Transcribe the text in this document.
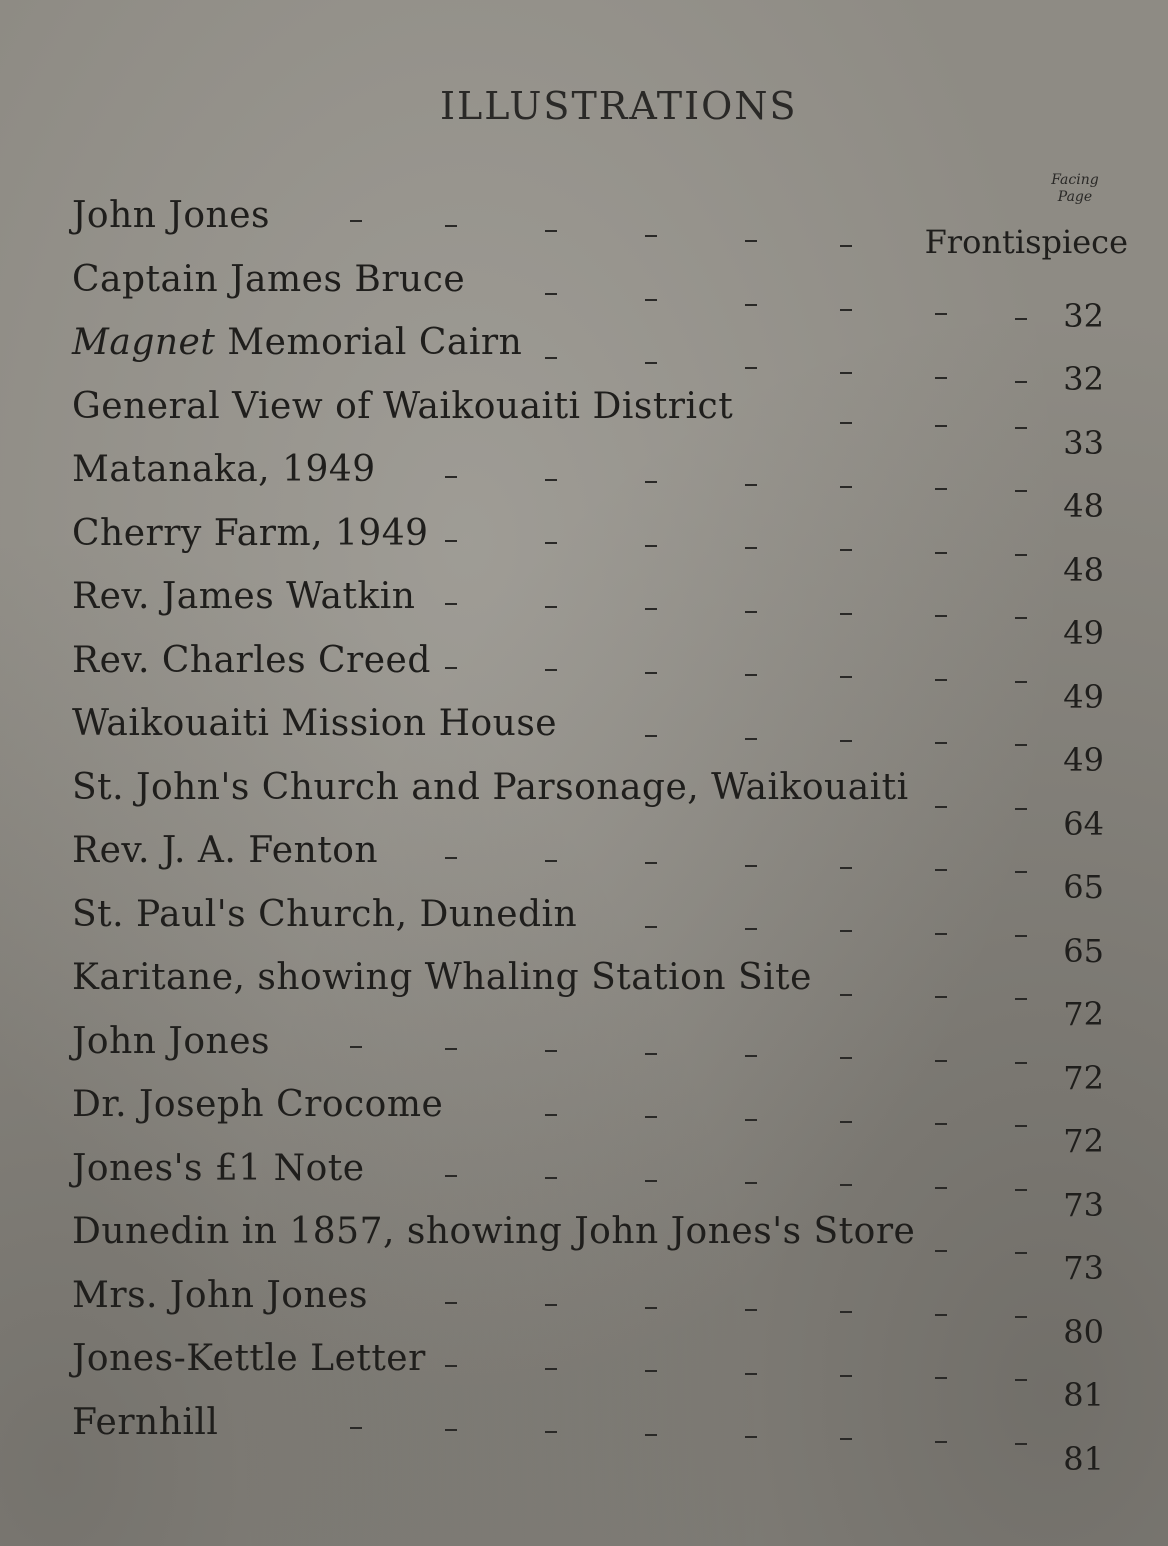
ILLUSTRATIONS
Facing
Page
John Jones
Frontispiece
Captain James Bruce
32
Magnet Memorial Cairn
32
General View of Waikouaiti District
33
Matanaka, 1949
48
Cherry Farm, 1949
48
Rev. James Watkin
49
Rev. Charles Creed
49
Waikouaiti Mission House
49
St. John's Church and Parsonage, Waikouaiti
64
Rev. J. A. Fenton
65
St. Paul's Church, Dunedin
65
Karitane, showing Whaling Station Site
72
John Jones
72
Dr. Joseph Crocome
72
Jones's £1 Note
73
Dunedin in 1857, showing John Jones's Store
73
Mrs. John Jones
80
Jones-Kettle Letter
81
Fernhill
81
